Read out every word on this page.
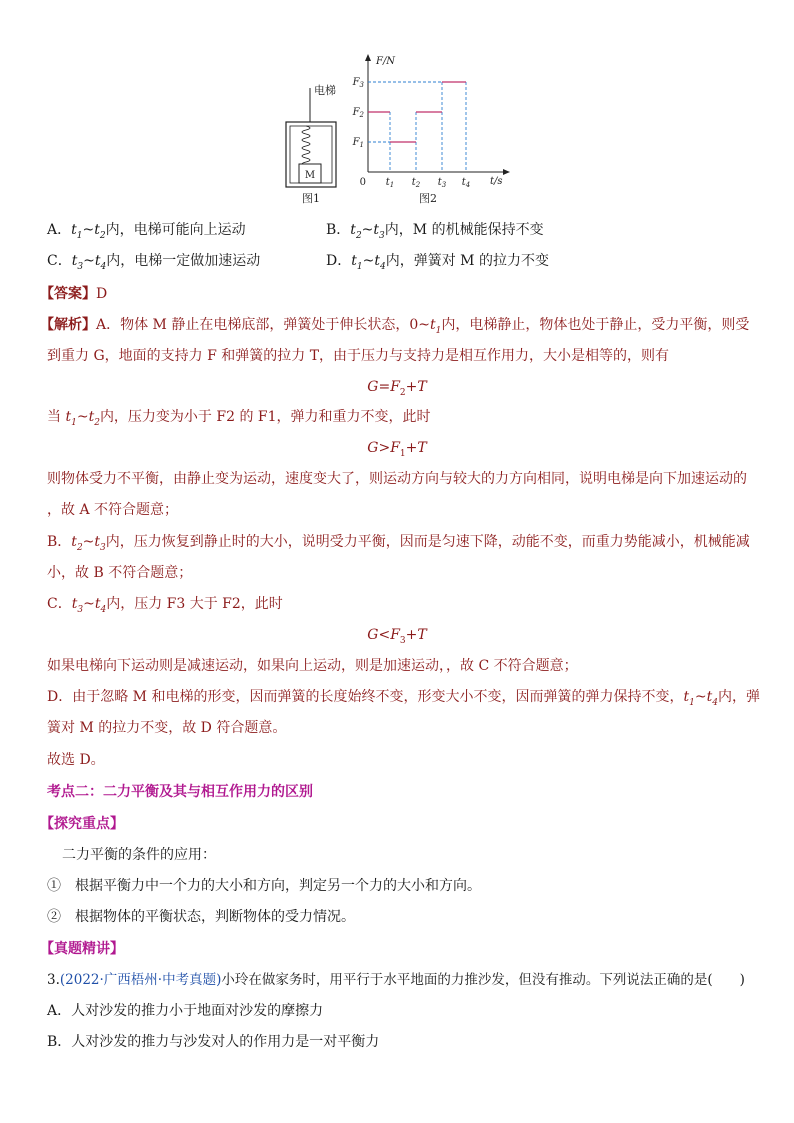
电梯
M
图1
F/N
t/s
0
$F_3$
$F_2$
$F_1$
$t_1$ $t_2$ $t_3$ $t_4$
图2
A．$t_1\sim t_2$内，电梯可能向上运动	B．$t_2\sim t_3$内，M 的机械能保持不变
C．$t_3\sim t_4$内，电梯一定做加速运动	D．$t_1\sim t_4$内，弹簧对 M 的拉力不变
【答案】D
【解析】A．物体 M 静止在电梯底部，弹簧处于伸长状态，$0\sim t_1$内，电梯静止，物体也处于静止，受力平衡，则受
到重力 G，地面的支持力 F 和弹簧的拉力 T，由于压力与支持力是相互作用力，大小是相等的，则有
$G=F_2+T$
当 $t_1\sim t_2$内，压力变为小于 F2 的 F1，弹力和重力不变，此时
$G>F_1+T$
则物体受力不平衡，由静止变为运动，速度变大了，则运动方向与较大的力方向相同，说明电梯是向下加速运动的
，故 A 不符合题意；
B．$t_2\sim t_3$内，压力恢复到静止时的大小，说明受力平衡，因而是匀速下降，动能不变，而重力势能减小，机械能减
小，故 B 不符合题意；
C．$t_3\sim t_4$内，压力 F3 大于 F2，此时
$G<F_3+T$
如果电梯向下运动则是减速运动，如果向上运动，则是加速运动，，故 C 不符合题意；
D．由于忽略 M 和电梯的形变，因而弹簧的长度始终不变，形变大小不变，因而弹簧的弹力保持不变，$t_1\sim t_4$内，弹
簧对 M 的拉力不变，故 D 符合题意。
故选 D。
考点二：二力平衡及其与相互作用力的区别
【探究重点】
二力平衡的条件的应用：
①　根据平衡力中一个力的大小和方向，判定另一个力的大小和方向。
②　根据物体的平衡状态，判断物体的受力情况。
【真题精讲】
3.(2022·广西梧州·中考真题)小玲在做家务时，用平行于水平地面的力推沙发，但没有推动。下列说法正确的是(　　)
A．人对沙发的推力小于地面对沙发的摩擦力
B．人对沙发的推力与沙发对人的作用力是一对平衡力
